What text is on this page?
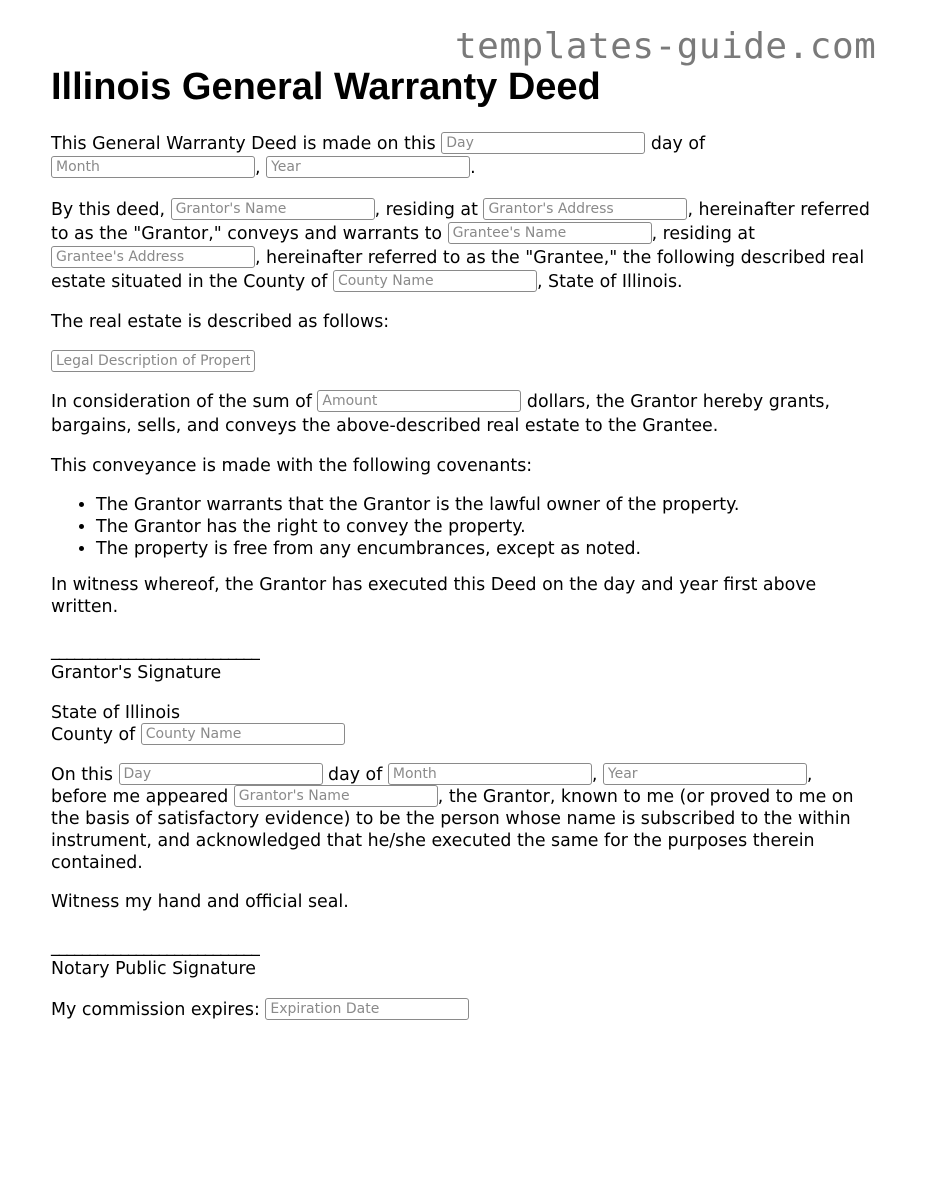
templates-guide.com
Illinois General Warranty Deed

This General Warranty Deed is made on this Day	day of
Month, Year	.

By this deed, Grantor's Name	, residing at Grantor's Address	, hereinafter referred to as the "Grantor," conveys and warrants to Grantee's Name	, residing at Grantee's Address, hereinafter referred to as the "Grantee," the following described real estate situated in the County of County Name	, State of Illinois.

The real estate is described as follows:

Legal Description of Property

In consideration of the sum of Amount	dollars, the Grantor hereby grants, bargains, sells, and conveys the above-described real estate to the Grantee.

This conveyance is made with the following covenants:

• The Grantor warrants that the Grantor is the lawful owner of the property.
• The Grantor has the right to convey the property.
• The property is free from any encumbrances, except as noted.

In witness whereof, the Grantor has executed this Deed on the day and year first above written.

___________________________
Grantor's Signature
State of Illinois
County of County Name

On this Day	day of Month	, Year	,
before me appeared Grantor's Name	, the Grantor, known to me (or proved to me on the basis of satisfactory evidence) to be the person whose name is subscribed to the within instrument, and acknowledged that he/she executed the same for the purposes therein contained.

Witness my hand and official seal.

___________________________
Notary Public Signature

My commission expires: Expiration Date
